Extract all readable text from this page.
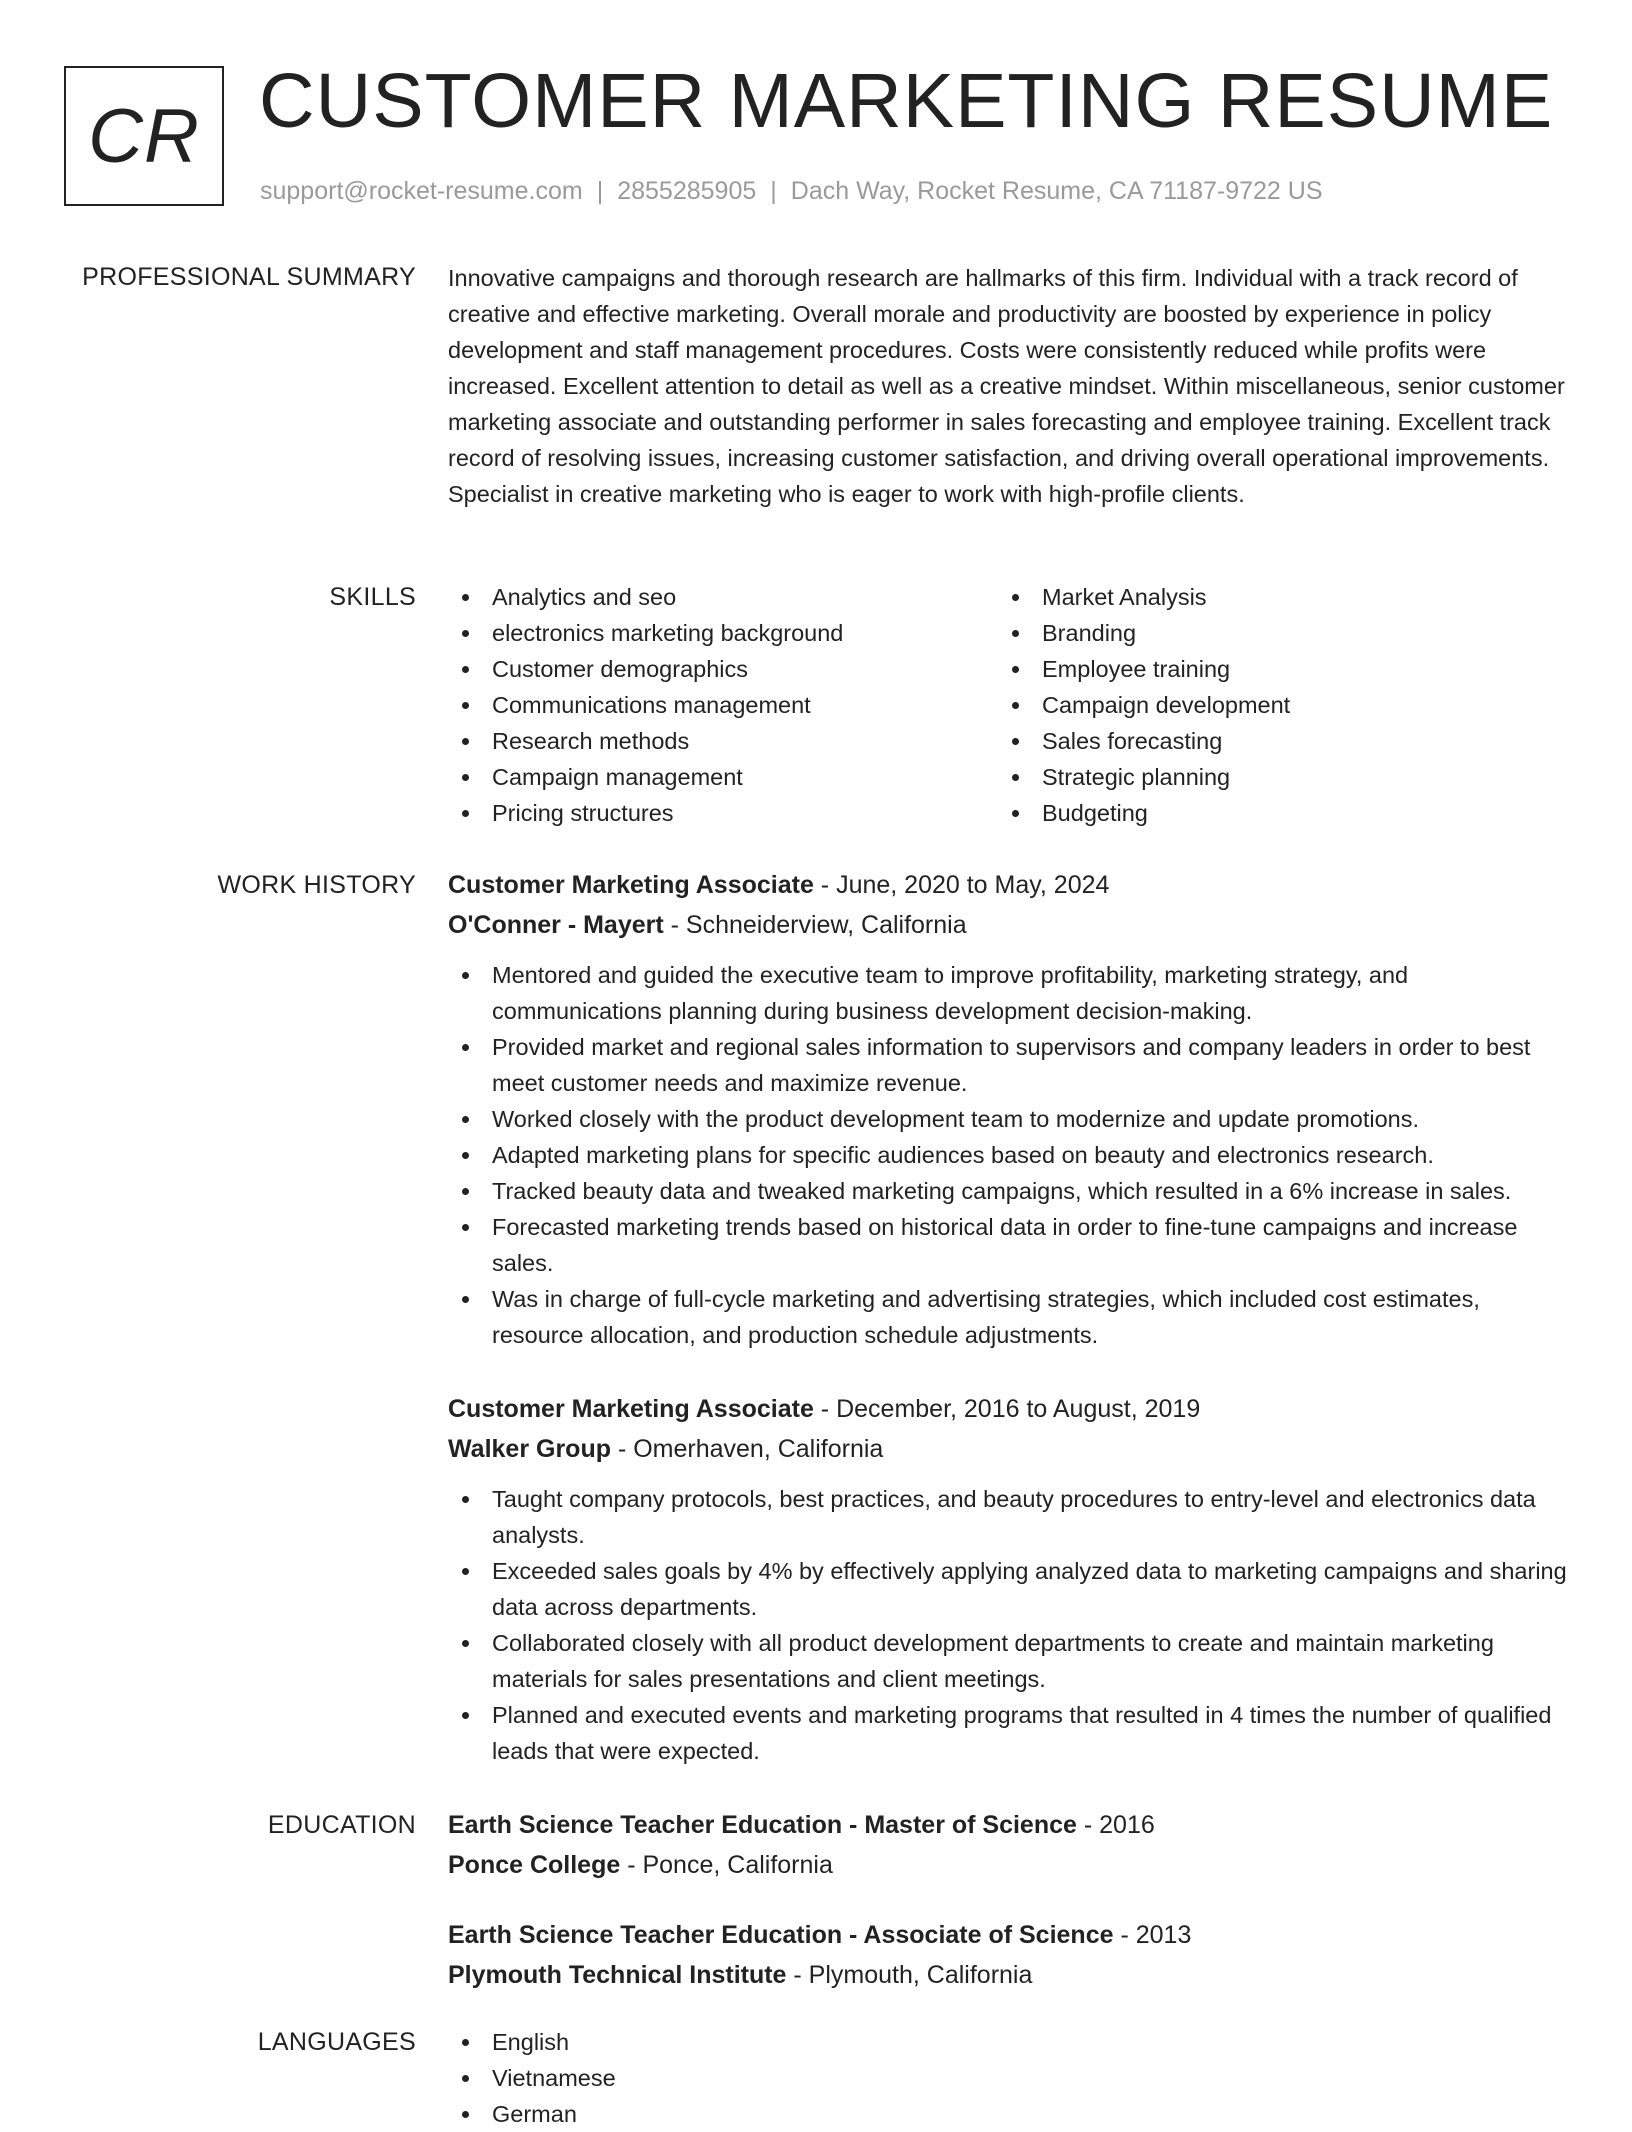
CR CUSTOMER MARKETING RESUME
support@rocket-resume.com | 2855285905 | Dach Way, Rocket Resume, CA 71187-9722 US
PROFESSIONAL SUMMARY Innovative campaigns and thorough research are hallmarks of this firm. Individual with a track record of creative and effective marketing. Overall morale and productivity are boosted by experience in policy development and staff management procedures. Costs were consistently reduced while profits were increased. Excellent attention to detail as well as a creative mindset. Within miscellaneous, senior customer marketing associate and outstanding performer in sales forecasting and employee training. Excellent track record of resolving issues, increasing customer satisfaction, and driving overall operational improvements. Specialist in creative marketing who is eager to work with high-profile clients.

SKILLS	Analytics and seo
electronics marketing background
Customer demographics
Communications management
Research methods
Campaign management
Pricing structures
Market Analysis
Branding
Employee training
Campaign development
Sales forecasting
Strategic planning
Budgeting
WORK HISTORY Customer Marketing Associate - June, 2020 to May, 2024
O'Conner - Mayert - Schneiderview, California
Mentored and guided the executive team to improve profitability, marketing strategy, and communications planning during business development decision-making.
Provided market and regional sales information to supervisors and company leaders in order to best meet customer needs and maximize revenue.
Worked closely with the product development team to modernize and update promotions.
Adapted marketing plans for specific audiences based on beauty and electronics research.
Tracked beauty data and tweaked marketing campaigns, which resulted in a 6% increase in sales.
Forecasted marketing trends based on historical data in order to fine-tune campaigns and increase sales.
Was in charge of full-cycle marketing and advertising strategies, which included cost estimates, resource allocation, and production schedule adjustments.
Customer Marketing Associate - December, 2016 to August, 2019
Walker Group - Omerhaven, California
Taught company protocols, best practices, and beauty procedures to entry-level and electronics data analysts.
Exceeded sales goals by 4% by effectively applying analyzed data to marketing campaigns and sharing data across departments.
Collaborated closely with all product development departments to create and maintain marketing materials for sales presentations and client meetings.
Planned and executed events and marketing programs that resulted in 4 times the number of qualified leads that were expected.
EDUCATION Earth Science Teacher Education - Master of Science - 2016
Ponce College - Ponce, California
Earth Science Teacher Education - Associate of Science - 2013
Plymouth Technical Institute - Plymouth, California
LANGUAGES	English
Vietnamese
German
